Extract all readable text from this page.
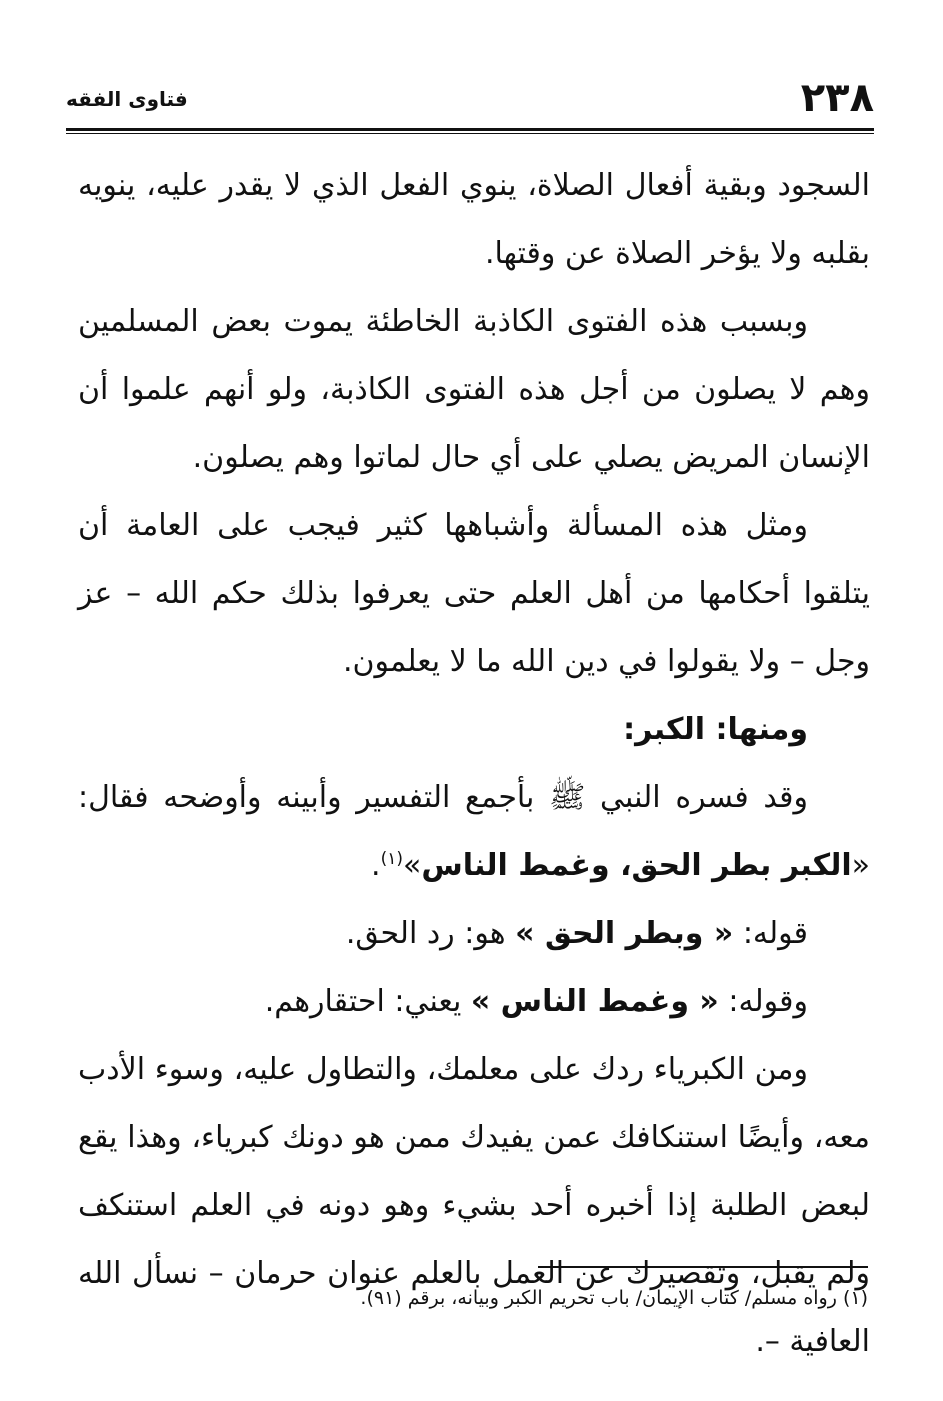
٢٣٨
فتاوى الفقه

السجود وبقية أفعال الصلاة، ينوي الفعل الذي لا يقدر عليه، ينويه بقلبه ولا يؤخر الصلاة عن وقتها.

وبسبب هذه الفتوى الكاذبة الخاطئة يموت بعض المسلمين وهم لا يصلون من أجل هذه الفتوى الكاذبة، ولو أنهم علموا أن الإنسان المريض يصلي على أي حال لماتوا وهم يصلون.

ومثل هذه المسألة وأشباهها كثير فيجب على العامة أن يتلقوا أحكامها من أهل العلم حتى يعرفوا بذلك حكم الله – عز وجل – ولا يقولوا في دين الله ما لا يعلمون.

ومنها: الكبر:

وقد فسره النبي ﷺ بأجمع التفسير وأبينه وأوضحه فقال: «الكبر بطر الحق، وغمط الناس»$^{(١)}$.

قوله: « وبطر الحق » هو: رد الحق.

وقوله: « وغمط الناس » يعني: احتقارهم.

ومن الكبرياء ردك على معلمك، والتطاول عليه، وسوء الأدب معه، وأيضًا استنكافك عمن يفيدك ممن هو دونك كبرياء، وهذا يقع لبعض الطلبة إذا أخبره أحد بشيء وهو دونه في العلم استنكف ولم يقبل، وتقصيرك عن العمل بالعلم عنوان حرمان – نسأل الله العافية –.

(١) رواه مسلم/ كتاب الإيمان/ باب تحريم الكبر وبيانه، برقم (٩١).
